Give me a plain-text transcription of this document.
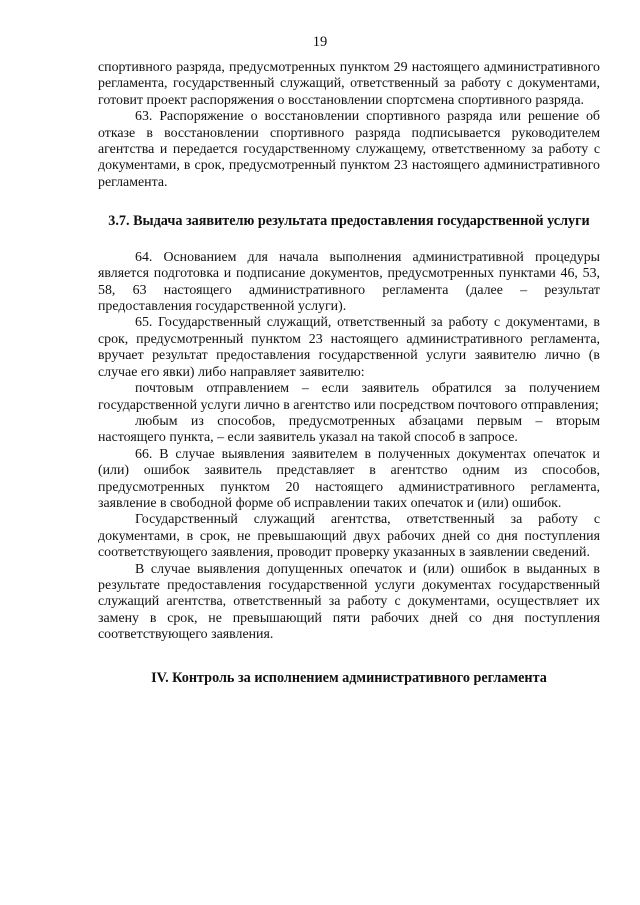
19

спортивного разряда, предусмотренных пунктом 29 настоящего административного регламента, государственный служащий, ответственный за работу с документами, готовит проект распоряжения о восстановлении спортсмена спортивного разряда.

63. Распоряжение о восстановлении спортивного разряда или решение об отказе в восстановлении спортивного разряда подписывается руководителем агентства и передается государственному служащему, ответственному за работу с документами, в срок, предусмотренный пунктом 23 настоящего административного регламента.

3.7. Выдача заявителю результата предоставления государственной услуги

64. Основанием для начала выполнения административной процедуры является подготовка и подписание документов, предусмотренных пунктами 46, 53, 58, 63 настоящего административного регламента (далее – результат предоставления государственной услуги).

65. Государственный служащий, ответственный за работу с документами, в срок, предусмотренный пунктом 23 настоящего административного регламента, вручает результат предоставления государственной услуги заявителю лично (в случае его явки) либо направляет заявителю:

почтовым отправлением – если заявитель обратился за получением государственной услуги лично в агентство или посредством почтового отправления;

любым из способов, предусмотренных абзацами первым – вторым настоящего пункта, – если заявитель указал на такой способ в запросе.

66. В случае выявления заявителем в полученных документах опечаток и (или) ошибок заявитель представляет в агентство одним из способов, предусмотренных пунктом 20 настоящего административного регламента, заявление в свободной форме об исправлении таких опечаток и (или) ошибок.

Государственный служащий агентства, ответственный за работу с документами, в срок, не превышающий двух рабочих дней со дня поступления соответствующего заявления, проводит проверку указанных в заявлении сведений.

В случае выявления допущенных опечаток и (или) ошибок в выданных в результате предоставления государственной услуги документах государственный служащий агентства, ответственный за работу с документами, осуществляет их замену в срок, не превышающий пяти рабочих дней со дня поступления соответствующего заявления.

IV. Контроль за исполнением административного регламента
